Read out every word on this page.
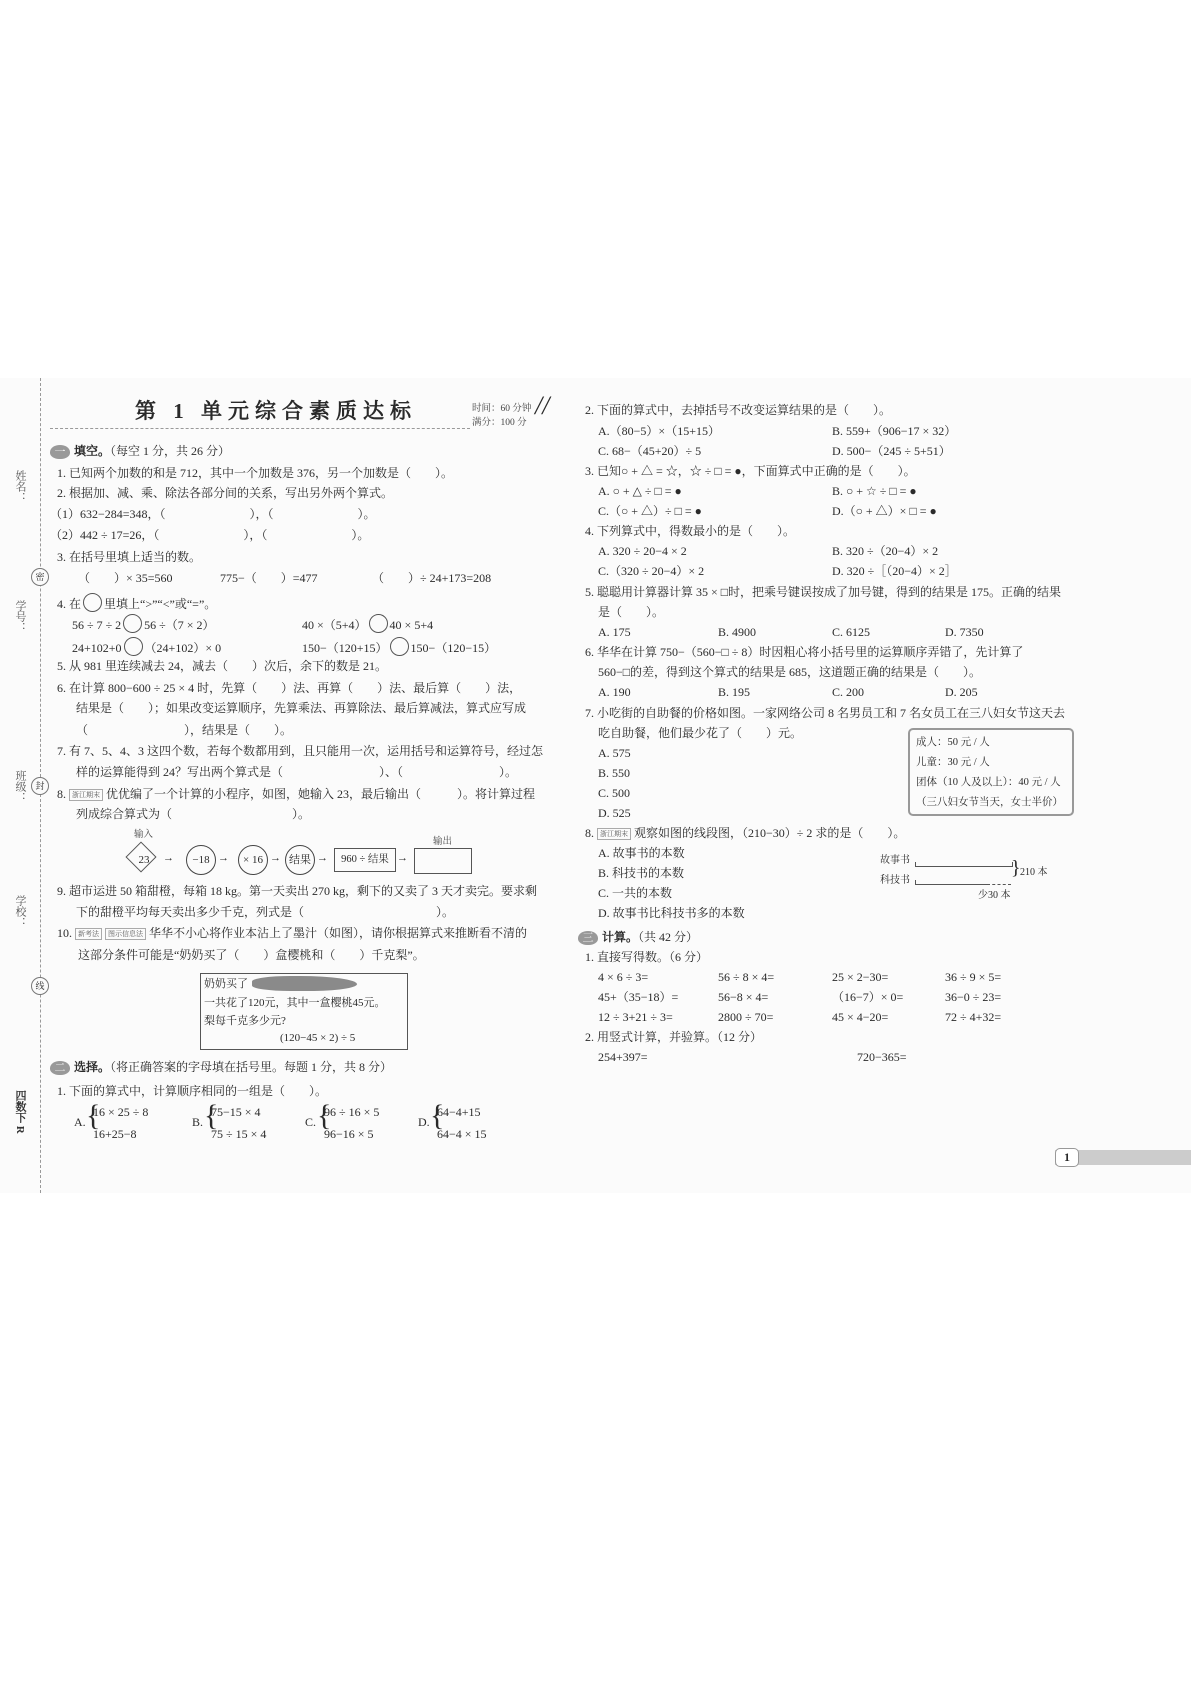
姓名：
学号：
班级：
学校：
密
封
线
四数下 R
第 1 单元综合素质达标	时间：60 分钟
满分：100 分
//
一 填空。（每空 1 分，共 26 分）
1. 已知两个加数的和是 712，其中一个加数是 376，另一个加数是（　　）。
2. 根据加、减、乘、除法各部分间的关系，写出另外两个算式。
（1）632−284=348，（　　　　　　　），（　　　　　　　）。
（2）442 ÷ 17=26，（　　　　　　　），（　　　　　　　）。
3. 在括号里填上适当的数。
（　　）× 35=560	775−（　　）=477	（　　）÷ 24+173=208
4. 在 里填上“>”“<”或“=”。
56 ÷ 7 ÷ 2 56 ÷（7 × 2）	40 ×（5+4） 40 × 5+4
24+102+0 （24+102）× 0	150−（120+15） 150−（120−15）
5. 从 981 里连续减去 24，减去（　　）次后，余下的数是 21。
6. 在计算 800−600 ÷ 25 × 4 时，先算（　　）法、再算（　　）法、最后算（　　）法，
结果是（　　）；如果改变运算顺序，先算乘法、再算除法、最后算减法，算式应写成
（　　　　　　　　），结果是（　　）。
7. 有 7、5、4、3 这四个数，若每个数都用到，且只能用一次，运用括号和运算符号，经过怎
样的运算能得到 24？写出两个算式是（　　　　　　　　）、（　　　　　　　　）。
8. 浙江期末 优优编了一个计算的小程序，如图，她输入 23，最后输出（　　　）。将计算过程
列成综合算式为（　　　　　　　　　　）。
输入
23	→	−18 →	× 16 → 结果 →	960 ÷ 结果 →
输出
9. 超市运进 50 箱甜橙，每箱 18 kg。第一天卖出 270 kg，剩下的又卖了 3 天才卖完。要求剩
下的甜橙平均每天卖出多少千克，列式是（　　　　　　　　　　　）。
10. 新考法 图示信息法 华华不小心将作业本沾上了墨汁（如图），请你根据算式来推断看不清的
这部分条件可能是“奶奶买了（　　）盒樱桃和（　　）千克梨”。
奶奶买了
一共花了120元，其中一盒樱桃45元。
梨每千克多少元?
(120−45 × 2) ÷ 5
二 选择。（将正确答案的字母填在括号里。每题 1 分，共 8 分）
1. 下面的算式中，计算顺序相同的一组是（　　）。
A. {
16 × 25 ÷ 8
16+25−8
B. {
75−15 × 4
75 ÷ 15 × 4
C. {
96 ÷ 16 × 5
96−16 × 5
D. {
64−4+15
64−4 × 15
2. 下面的算式中，去掉括号不改变运算结果的是（　　）。
A.（80−5）×（15+15）	B. 559+（906−17 × 32）
C. 68−（45+20）÷ 5	D. 500−（245 ÷ 5+51）
3. 已知○ + △ = ☆，☆ ÷ □ = ●，下面算式中正确的是（　　）。
A. ○ + △ ÷ □ = ●	B. ○ + ☆ ÷ □ = ●
C.（○ + △）÷ □ = ●	D.（○ + △）× □ = ●
4. 下列算式中，得数最小的是（　　）。
A. 320 ÷ 20−4 × 2	B. 320 ÷（20−4）× 2
C.（320 ÷ 20−4）× 2	D. 320 ÷［（20−4）× 2］
5. 聪聪用计算器计算 35 × □时，把乘号键误按成了加号键，得到的结果是 175。正确的结果
是（　　）。
A. 175	B. 4900	C. 6125	D. 7350
6. 华华在计算 750−（560−□ ÷ 8）时因粗心将小括号里的运算顺序弄错了，先计算了
560−□的差，得到这个算式的结果是 685，这道题正确的结果是（　　）。
A. 190	B. 195	C. 200	D. 205
7. 小吃街的自助餐的价格如图。一家网络公司 8 名男员工和 7 名女员工在三八妇女节这天去
吃自助餐，他们最少花了（　　）元。
A. 575
B. 550
C. 500
D. 525
成人：50 元 / 人
儿童：30 元 / 人
团体（10 人及以上）：40 元 / 人
（三八妇女节当天，女士半价）
8. 浙江期末 观察如图的线段图，（210−30）÷ 2 求的是（　　）。
A. 故事书的本数
B. 科技书的本数
C. 一共的本数
D. 故事书比科技书多的本数
故事书
科技书
} 210 本
少30 本
三 计算。（共 42 分）
1. 直接写得数。（6 分）
4 × 6 ÷ 3=	56 ÷ 8 × 4=	25 × 2−30=	36 ÷ 9 × 5=
45+（35−18）=	56−8 × 4=	（16−7）× 0=	36−0 ÷ 23=
12 ÷ 3+21 ÷ 3=	2800 ÷ 70=	45 × 4−20=	72 ÷ 4+32=
2. 用竖式计算，并验算。（12 分）
254+397=	720−365=
1
